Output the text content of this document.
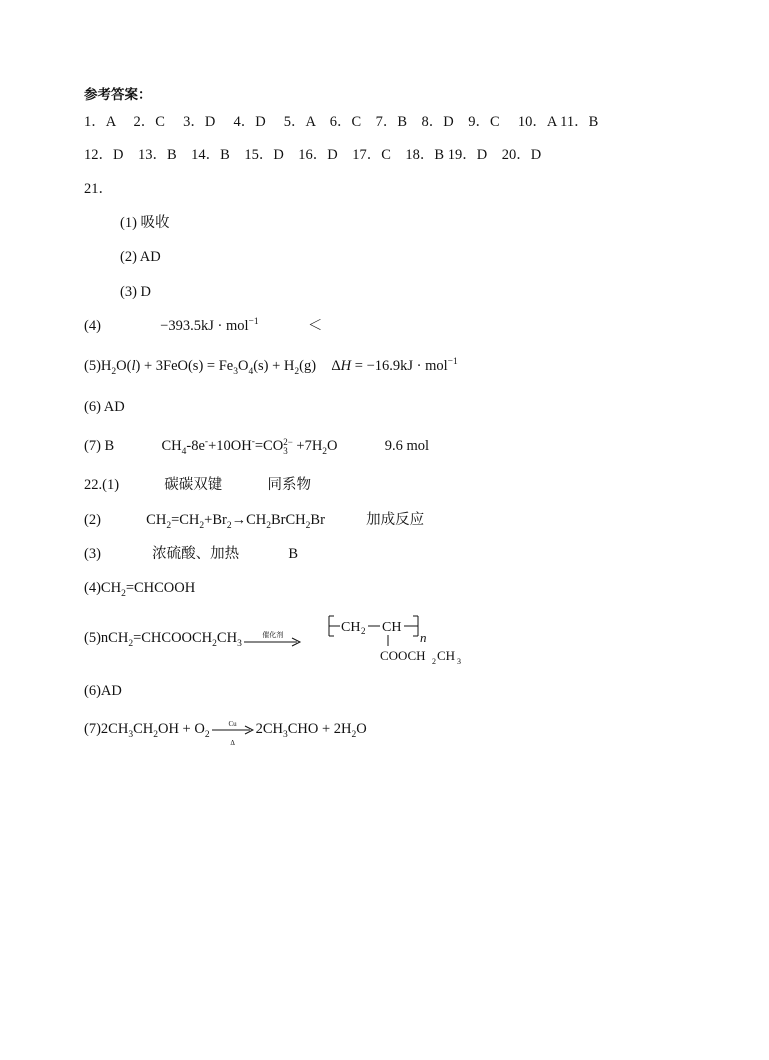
参考答案：
1．A　 2．C　 3．D　 4．D　 5．A　6．C　7．B　8．D　9．C　 10．A 11．B
12．D　13．B　14．B　15．D　16．D　17．C　18．B 19．D　20．D
21．
(1) 吸收
(2) AD
(3) D
(4)	−393.5kJ · mol$^{-1}$	＜
$(5)H_2O(l) + 3FeO(s) = Fe_3O_4(s) + H_2(g) \Delta H = -16.9kJ \cdot mol^{-1}$
(6) AD
(7) B	$CH_4-8e^-+10OH^-=CO2-$
$3 +7H_2O$	9.6 mol
22.(1)	碳碳双键	同系物
(2)	$CH_2=CH_2+Br_2\to CH_2BrCH_2Br$	加成反应
(3)	浓硫酸、加热	B
$(4)CH_2=CHCOOH$
$(5)nCH_2=CHCOOCH_2CH_3$
催化剂	CH 2 CH
n
COOCH 2 CH 3
(6)AD
$(7)2CH_3CH_2OH + O_2$
Cu
Δ
$2CH_3CHO + 2H_2O$
